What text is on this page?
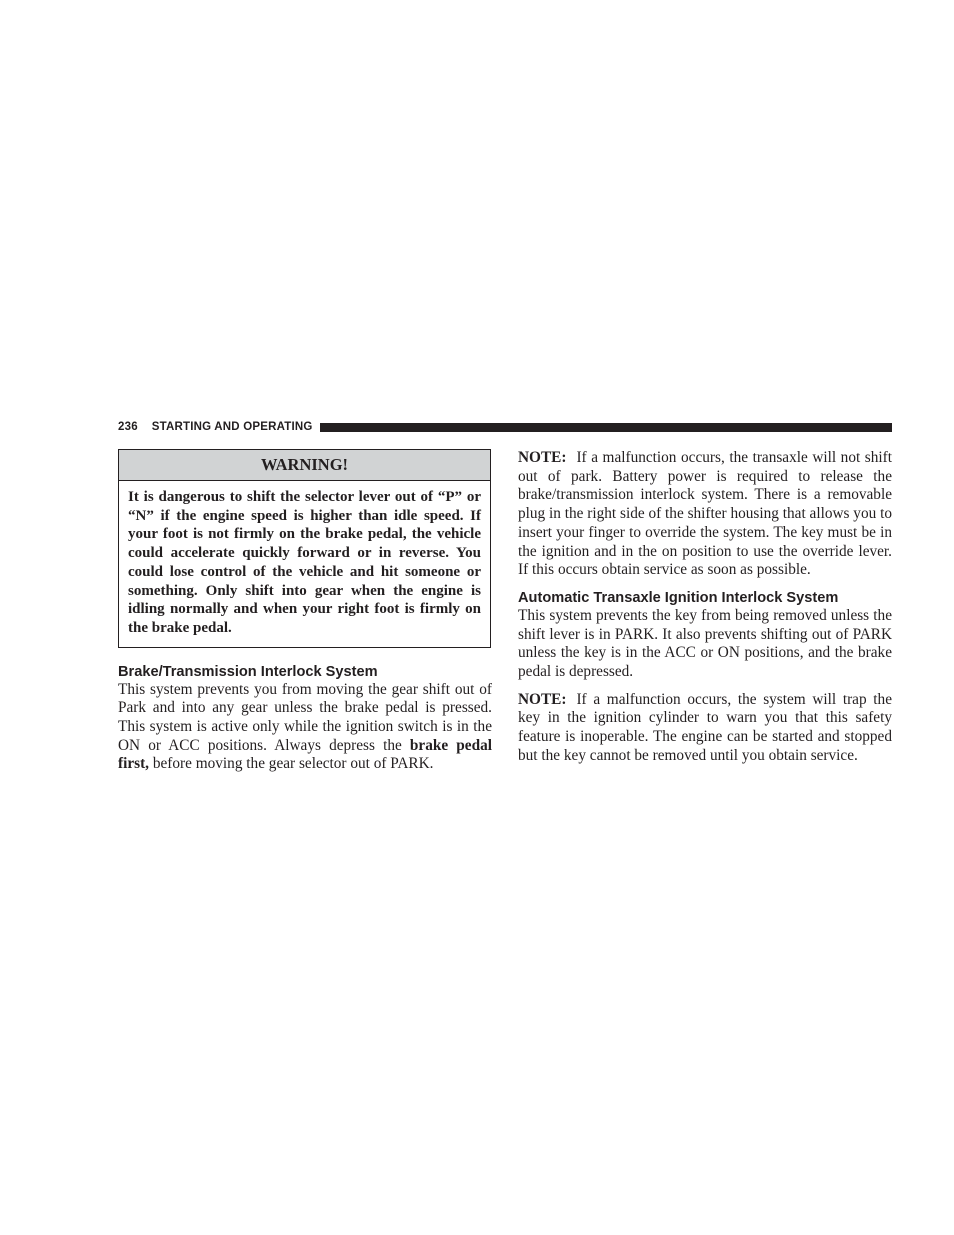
236 STARTING AND OPERATING
WARNING!
It is dangerous to shift the selector lever out of “P” or “N” if the engine speed is higher than idle speed. If your foot is not firmly on the brake pedal, the vehicle could accelerate quickly forward or in reverse. You could lose control of the vehicle and hit someone or something. Only shift into gear when the engine is idling normally and when your right foot is firmly on the brake pedal.
Brake/Transmission Interlock System

This system prevents you from moving the gear shift out of Park and into any gear unless the brake pedal is pressed. This system is active only while the ignition switch is in the ON or ACC positions. Always depress the brake pedal first, before moving the gear selector out of PARK.

NOTE: If a malfunction occurs, the transaxle will not shift out of park. Battery power is required to release the brake/transmission interlock system. There is a removable plug in the right side of the shifter housing that allows you to insert your finger to override the system. The key must be in the ignition and in the on position to use the override lever. If this occurs obtain service as soon as possible.

Automatic Transaxle Ignition Interlock System

This system prevents the key from being removed unless the shift lever is in PARK. It also prevents shifting out of PARK unless the key is in the ACC or ON positions, and the brake pedal is depressed.

NOTE: If a malfunction occurs, the system will trap the key in the ignition cylinder to warn you that this safety feature is inoperable. The engine can be started and stopped but the key cannot be removed until you obtain service.
